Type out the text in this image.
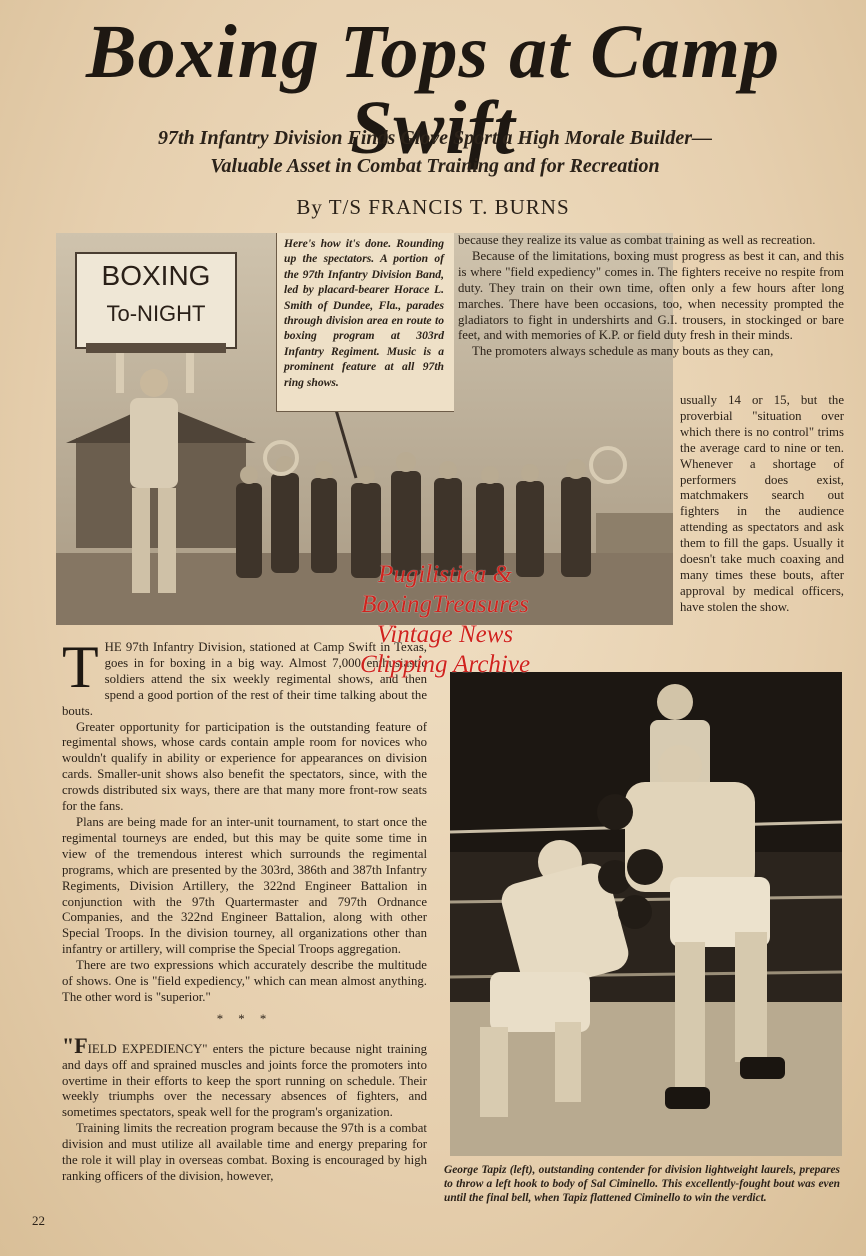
Boxing Tops at Camp Swift
97th Infantry Division Finds Glove Sport a High Morale Builder—
Valuable Asset in Combat Training and for Recreation
By T/S FRANCIS T. BURNS
BOXING
To-NIGHT
Here's how it's done. Rounding up the spectators. A portion of the 97th Infantry Division Band, led by placard-bearer Horace L. Smith of Dundee, Fla., parades through division area en route to boxing program at 303rd Infantry Regiment. Music is a prominent feature at all 97th ring shows.

because they realize its value as combat training as well as recreation.

Because of the limitations, boxing must progress as best it can, and this is where "field expediency" comes in. The fighters receive no respite from duty. They train on their own time, often only a few hours after long marches. There have been occasions, too, when necessity prompted the gladiators to fight in undershirts and G.I. trousers, in stockinged or bare feet, and with memories of K.P. or field duty fresh in their minds.

The promoters always schedule as many bouts as they can,

usually 14 or 15, but the proverbial "situation over which there is no control" trims the average card to nine or ten. Whenever a shortage of performers does exist, matchmakers search out fighters in the audience attending as spectators and ask them to fill the gaps. Usually it doesn't take much coaxing and many times these bouts, after approval by medical officers, have stolen the show.

THE 97th Infantry Division, stationed at Camp Swift in Texas, goes in for boxing in a big way. Almost 7,000 enthusiastic soldiers attend the six weekly regimental shows, and then spend a good portion of the rest of their time talking about the bouts.

Greater opportunity for participation is the outstanding feature of regimental shows, whose cards contain ample room for novices who wouldn't qualify in ability or experience for appearances on division cards. Smaller-unit shows also benefit the spectators, since, with the crowds distributed six ways, there are that many more front-row seats for the fans.

Plans are being made for an inter-unit tournament, to start once the regimental tourneys are ended, but this may be quite some time in view of the tremendous interest which surrounds the regimental programs, which are presented by the 303rd, 386th and 387th Infantry Regiments, Division Artillery, the 322nd Engineer Battalion in conjunction with the 97th Quartermaster and 797th Ordnance Companies, and the 322nd Engineer Battalion, along with other Special Troops. In the division tourney, all organizations other than infantry or artillery, will comprise the Special Troops aggregation.

There are two expressions which accurately describe the multitude of shows. One is "field expediency," which can mean almost anything. The other word is "superior."

* * *

"FIELD EXPEDIENCY" enters the picture because night training and days off and sprained muscles and joints force the promoters into overtime in their efforts to keep the sport running on schedule. Their weekly triumphs over the necessary absences of fighters, and sometimes spectators, speak well for the program's organization.

Training limits the recreation program because the 97th is a combat division and must utilize all available time and energy preparing for the role it will play in overseas combat. Boxing is encouraged by high ranking officers of the division, however,	George Tapiz (left), outstanding contender for division lightweight laurels, prepares to throw a left hook to body of Sal Ciminello. This excellently-fought bout was even until the final bell, when Tapiz flattened Ciminello to win the verdict.
22
Pugilistica &
BoxingTreasures
Vintage News
Clipping Archive
